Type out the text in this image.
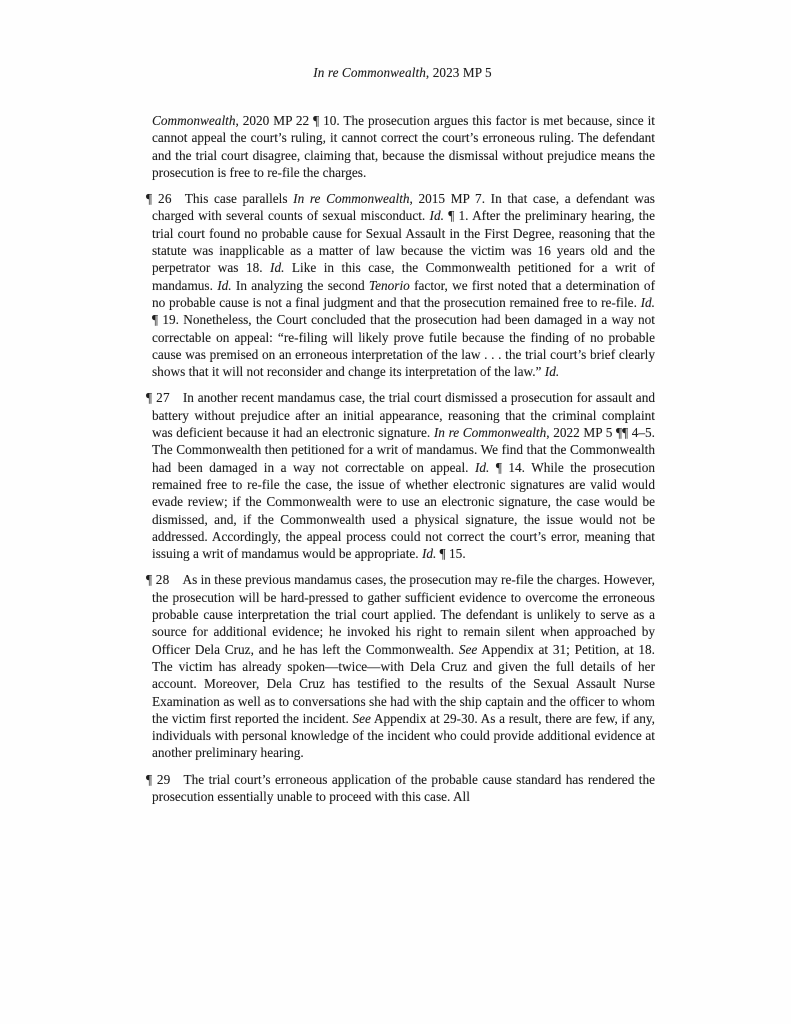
In re Commonwealth, 2023 MP 5
Commonwealth, 2020 MP 22 ¶ 10. The prosecution argues this factor is met because, since it cannot appeal the court’s ruling, it cannot correct the court’s erroneous ruling. The defendant and the trial court disagree, claiming that, because the dismissal without prejudice means the prosecution is free to re-file the charges.
¶ 26 This case parallels In re Commonwealth, 2015 MP 7. In that case, a defendant was charged with several counts of sexual misconduct. Id. ¶ 1. After the preliminary hearing, the trial court found no probable cause for Sexual Assault in the First Degree, reasoning that the statute was inapplicable as a matter of law because the victim was 16 years old and the perpetrator was 18. Id. Like in this case, the Commonwealth petitioned for a writ of mandamus. Id. In analyzing the second Tenorio factor, we first noted that a determination of no probable cause is not a final judgment and that the prosecution remained free to re-file. Id. ¶ 19. Nonetheless, the Court concluded that the prosecution had been damaged in a way not correctable on appeal: “re-filing will likely prove futile because the finding of no probable cause was premised on an erroneous interpretation of the law . . . the trial court’s brief clearly shows that it will not reconsider and change its interpretation of the law.” Id.
¶ 27 In another recent mandamus case, the trial court dismissed a prosecution for assault and battery without prejudice after an initial appearance, reasoning that the criminal complaint was deficient because it had an electronic signature. In re Commonwealth, 2022 MP 5 ¶¶ 4–5. The Commonwealth then petitioned for a writ of mandamus. We find that the Commonwealth had been damaged in a way not correctable on appeal. Id. ¶ 14. While the prosecution remained free to re-file the case, the issue of whether electronic signatures are valid would evade review; if the Commonwealth were to use an electronic signature, the case would be dismissed, and, if the Commonwealth used a physical signature, the issue would not be addressed. Accordingly, the appeal process could not correct the court’s error, meaning that issuing a writ of mandamus would be appropriate. Id. ¶ 15.
¶ 28 As in these previous mandamus cases, the prosecution may re-file the charges. However, the prosecution will be hard-pressed to gather sufficient evidence to overcome the erroneous probable cause interpretation the trial court applied. The defendant is unlikely to serve as a source for additional evidence; he invoked his right to remain silent when approached by Officer Dela Cruz, and he has left the Commonwealth. See Appendix at 31; Petition, at 18. The victim has already spoken—twice—with Dela Cruz and given the full details of her account. Moreover, Dela Cruz has testified to the results of the Sexual Assault Nurse Examination as well as to conversations she had with the ship captain and the officer to whom the victim first reported the incident. See Appendix at 29-30. As a result, there are few, if any, individuals with personal knowledge of the incident who could provide additional evidence at another preliminary hearing.
¶ 29 The trial court’s erroneous application of the probable cause standard has rendered the prosecution essentially unable to proceed with this case. All
